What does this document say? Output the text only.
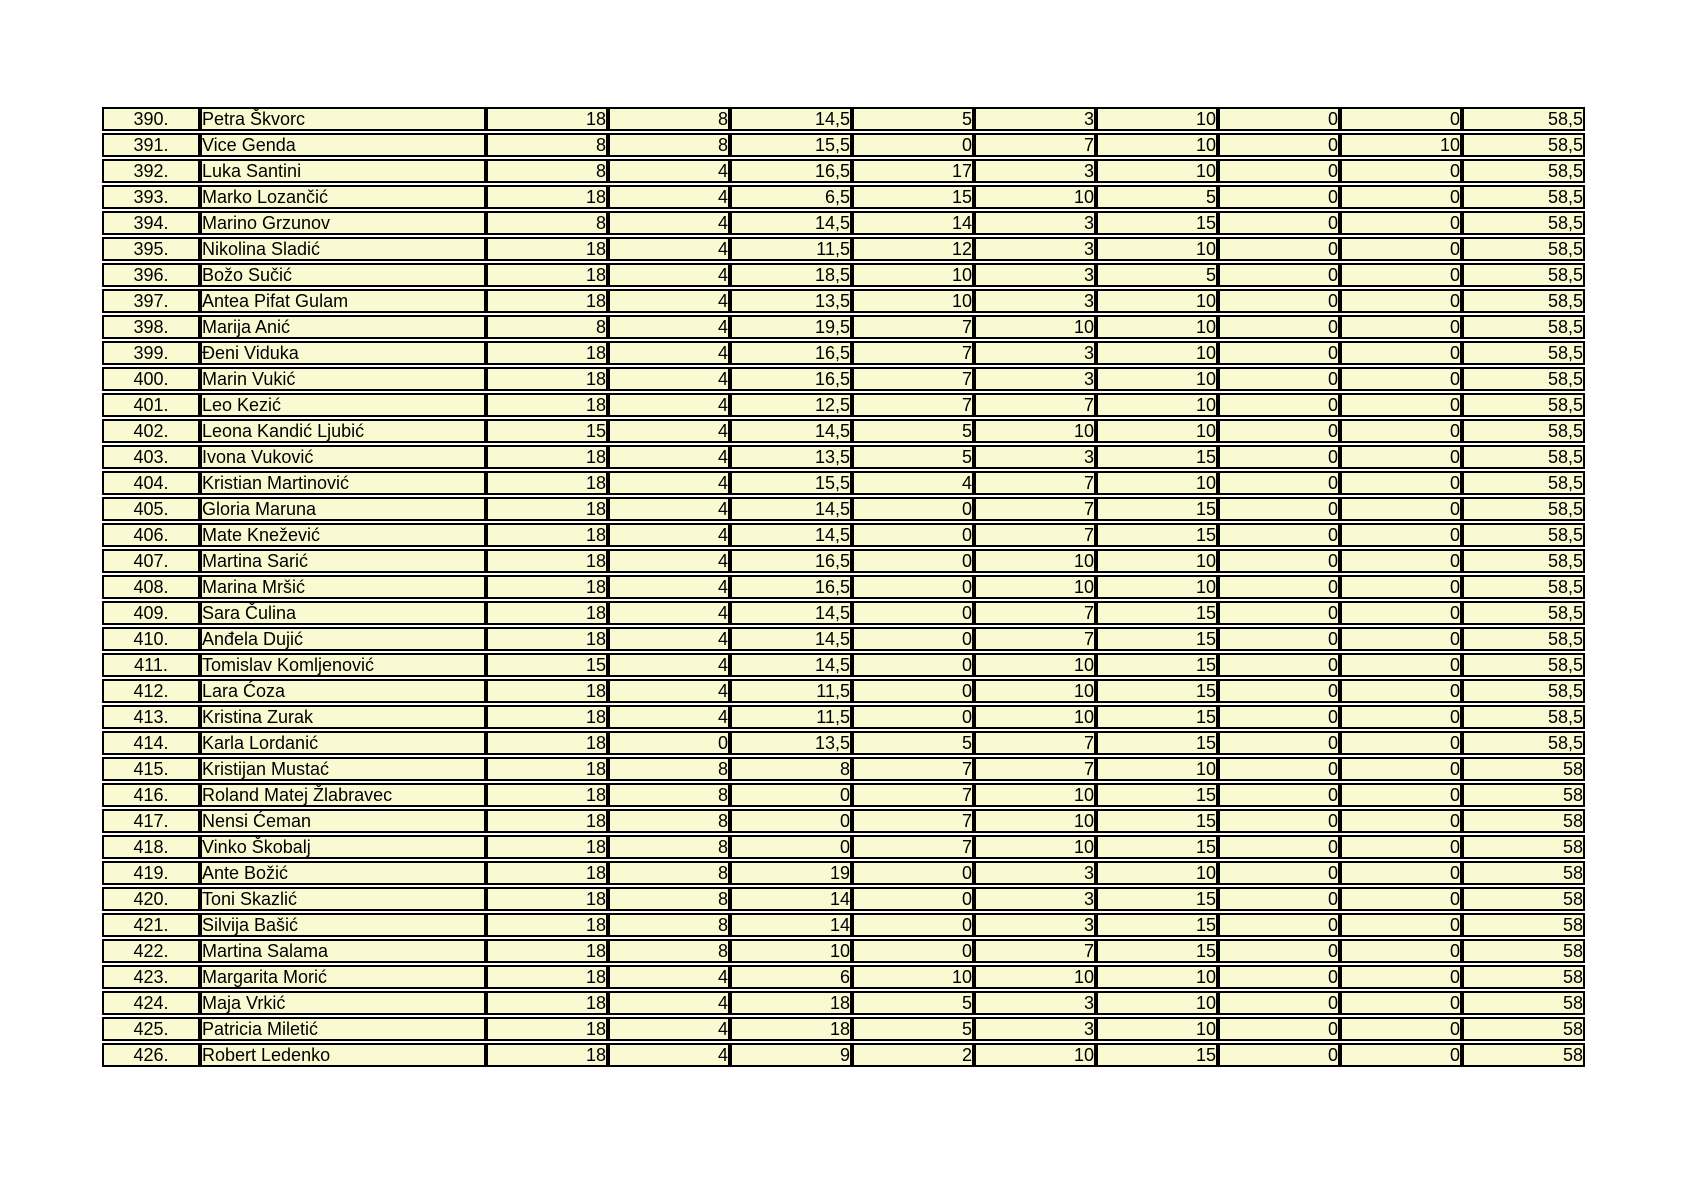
390.	Petra Škvorc	18	8	14,5	5	3	10	0	0	58,5
391.	Vice Genda	8	8	15,5	0	7	10	0	10	58,5
392.	Luka Santini	8	4	16,5	17	3	10	0	0	58,5
393.	Marko Lozančić	18	4	6,5	15	10	5	0	0	58,5
394.	Marino Grzunov	8	4	14,5	14	3	15	0	0	58,5
395.	Nikolina Sladić	18	4	11,5	12	3	10	0	0	58,5
396.	Božo Sučić	18	4	18,5	10	3	5	0	0	58,5
397.	Antea Pifat Gulam	18	4	13,5	10	3	10	0	0	58,5
398.	Marija Anić	8	4	19,5	7	10	10	0	0	58,5
399.	Đeni Viduka	18	4	16,5	7	3	10	0	0	58,5
400.	Marin Vukić	18	4	16,5	7	3	10	0	0	58,5
401.	Leo Kezić	18	4	12,5	7	7	10	0	0	58,5
402.	Leona Kandić Ljubić	15	4	14,5	5	10	10	0	0	58,5
403.	Ivona Vuković	18	4	13,5	5	3	15	0	0	58,5
404.	Kristian Martinović	18	4	15,5	4	7	10	0	0	58,5
405.	Gloria Maruna	18	4	14,5	0	7	15	0	0	58,5
406.	Mate Knežević	18	4	14,5	0	7	15	0	0	58,5
407.	Martina Sarić	18	4	16,5	0	10	10	0	0	58,5
408.	Marina Mršić	18	4	16,5	0	10	10	0	0	58,5
409.	Sara Čulina	18	4	14,5	0	7	15	0	0	58,5
410.	Anđela Dujić	18	4	14,5	0	7	15	0	0	58,5
411.	Tomislav Komljenović	15	4	14,5	0	10	15	0	0	58,5
412.	Lara Ćoza	18	4	11,5	0	10	15	0	0	58,5
413.	Kristina Zurak	18	4	11,5	0	10	15	0	0	58,5
414.	Karla Lordanić	18	0	13,5	5	7	15	0	0	58,5
415.	Kristijan Mustać	18	8	8	7	7	10	0	0	58
416.	Roland Matej Žlabravec	18	8	0	7	10	15	0	0	58
417.	Nensi Ćeman	18	8	0	7	10	15	0	0	58
418.	Vinko Škobalj	18	8	0	7	10	15	0	0	58
419.	Ante Božić	18	8	19	0	3	10	0	0	58
420.	Toni Skazlić	18	8	14	0	3	15	0	0	58
421.	Silvija Bašić	18	8	14	0	3	15	0	0	58
422.	Martina Salama	18	8	10	0	7	15	0	0	58
423.	Margarita Morić	18	4	6	10	10	10	0	0	58
424.	Maja Vrkić	18	4	18	5	3	10	0	0	58
425.	Patricia Miletić	18	4	18	5	3	10	0	0	58
426.	Robert Ledenko	18	4	9	2	10	15	0	0	58
